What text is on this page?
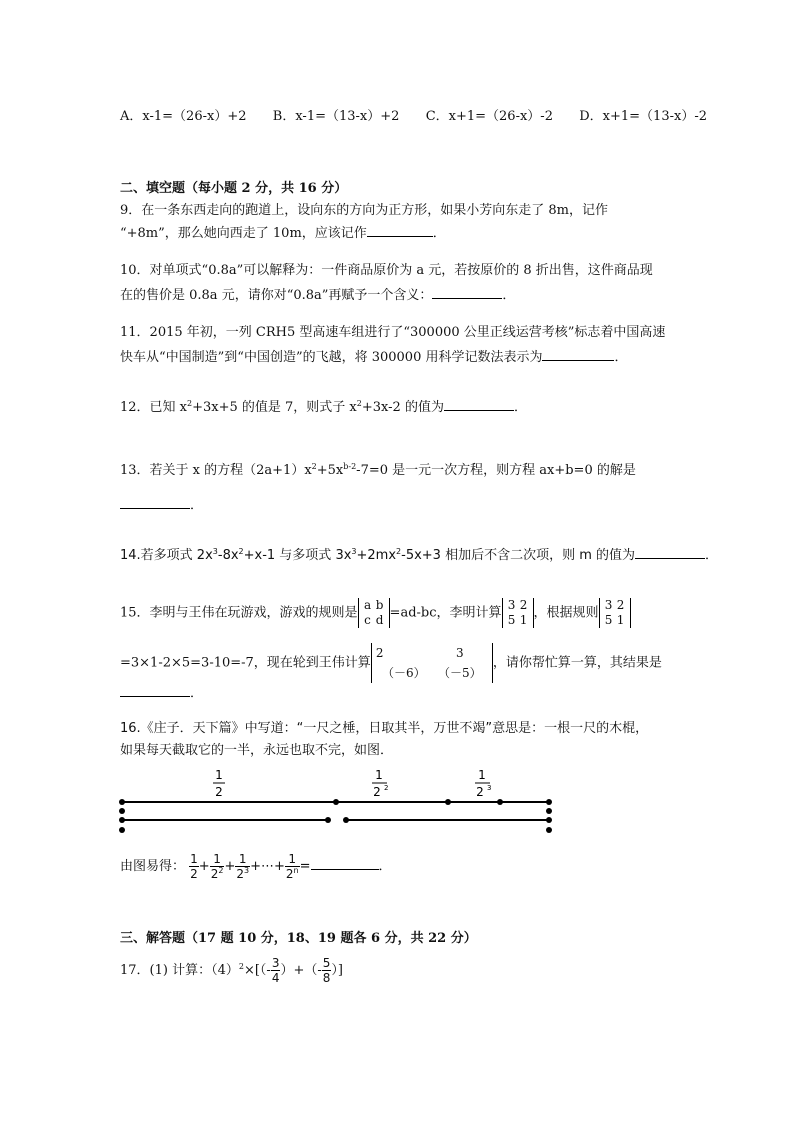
A．x-1=（26-x）+2 B．x-1=（13-x）+2 C．x+1=（26-x）-2 D．x+1=（13-x）-2
二、填空题（每小题 2 分，共 16 分）
9．在一条东西走向的跑道上，设向东的方向为正方形，如果小芳向东走了 8m，记作
“+8m”，那么她向西走了 10m，应该记作	．
10．对单项式“0.8a”可以解释为：一件商品原价为 a 元，若按原价的 8 折出售，这件商品现
在的售价是 0.8a 元，请你对“0.8a”再赋予一个含义：	．
11．2015 年初，一列 CRH5 型高速车组进行了“300000 公里正线运营考核”标志着中国高速
快车从“中国制造”到“中国创造”的飞越，将 300000 用科学记数法表示为	．
12．已知 $x^2+3x+5$ 的值是 7，则式子 $x^2+3x-2$ 的值为	．
13．若关于 x 的方程$(2a+1)x^2+5x^{b-2}-7=0$ 是一元一次方程，则方程 ax+b=0 的解是
．
14.若多项式 $2x^3-8x^2+x-1$ 与多项式 $3x^3+2mx^2-5x+3$ 相加后不含二次项，则 m 的值为	．
15．李明与王伟在玩游戏，游戏的规则是
a b
c d =ad-bc，李明计算
3 2
5 1 ，根据规则
3 2
5 1
=3×1-2×5=3-10=-7，现在轮到王伟计算
2	3
（－6） （－5）
，请你帮忙算一算，其结果是
．
16.《庄子．天下篇》中写道：“一尺之棰，日取其半，万世不竭”意思是：一根一尺的木棍，
如果每天截取它的一半，永远也取不完，如图．
1
2
1
2 2
1
2 3
由图易得： $\frac{1}{2} + \frac{1}{2^2} + \frac{1}{2^3}$ +⋯+ $\frac{1}{2^n}$ =	．
三、解答题（17 题 10 分，18、19 题各 6 分，共 22 分）
17．(1) 计算：$(4)^2\times[(- \frac{3}{4}$ ）+（- $\frac{5}{8}$ ）]
